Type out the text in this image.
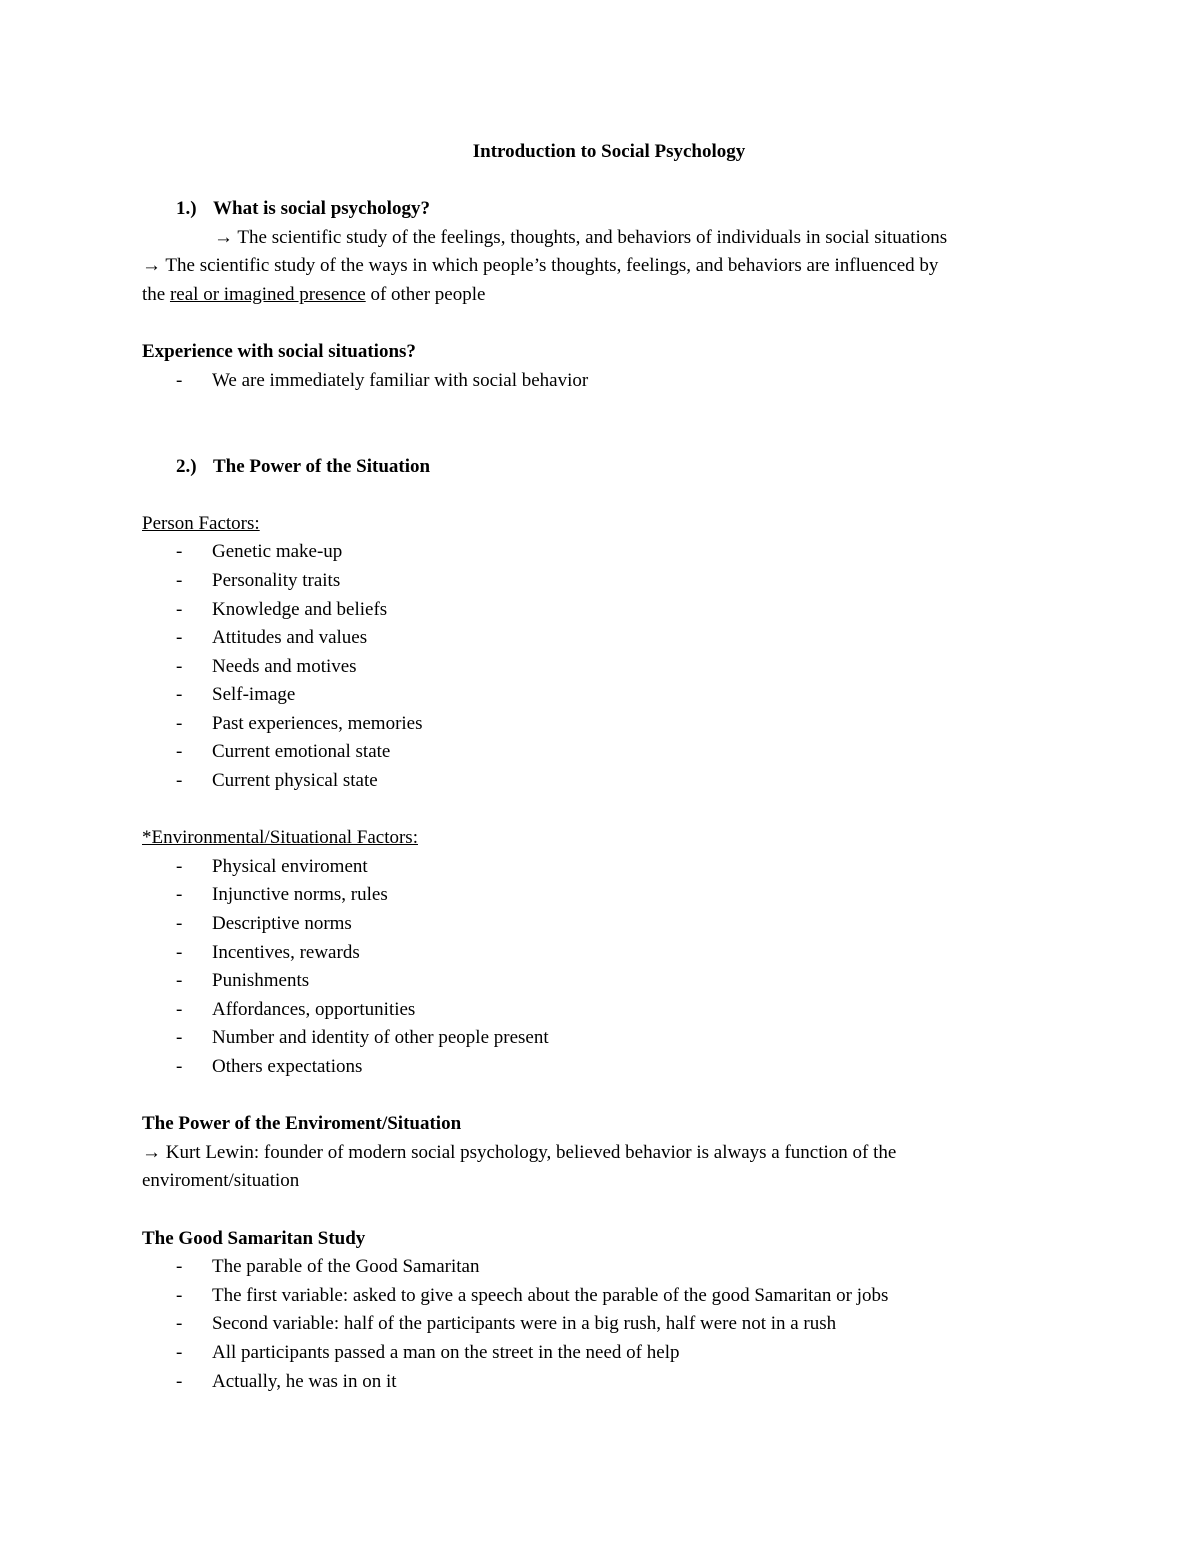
Introduction to Social Psychology
1.) What is social psychology?
→ The scientific study of the feelings, thoughts, and behaviors of individuals in social situations
→ The scientific study of the ways in which people’s thoughts, feelings, and behaviors are influenced by
the real or imagined presence of other people
Experience with social situations?
- We are immediately familiar with social behavior
2.) The Power of the Situation
Person Factors:
- Genetic make-up
- Personality traits
- Knowledge and beliefs
- Attitudes and values
- Needs and motives
- Self-image
- Past experiences, memories
- Current emotional state
- Current physical state
*Environmental/Situational Factors:
- Physical enviroment
- Injunctive norms, rules
- Descriptive norms
- Incentives, rewards
- Punishments
- Affordances, opportunities
- Number and identity of other people present
- Others expectations
The Power of the Enviroment/Situation
→ Kurt Lewin: founder of modern social psychology, believed behavior is always a function of the
enviroment/situation
The Good Samaritan Study
- The parable of the Good Samaritan
- The first variable: asked to give a speech about the parable of the good Samaritan or jobs
- Second variable: half of the participants were in a big rush, half were not in a rush
- All participants passed a man on the street in the need of help
- Actually, he was in on it
